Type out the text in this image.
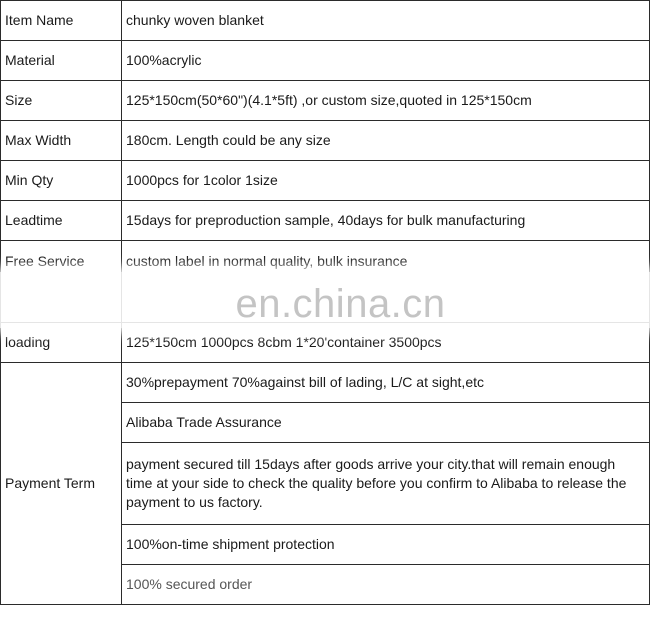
Item Name	chunky woven blanket
Material	100%acrylic
Size	125*150cm(50*60")(4.1*5ft) ,or custom size,quoted in 125*150cm
Max Width	180cm. Length could be any size
Min Qty	1000pcs for 1color 1size
Leadtime	15days for preproduction sample, 40days for bulk manufacturing
Free Service	custom label in normal quality, bulk insurance
loading	125*150cm 1000pcs 8cbm 1*20'container 3500pcs
Payment Term	30%prepayment 70%against bill of lading, L/C at sight,etc
	Alibaba Trade Assurance
	payment secured till 15days after goods arrive your city.that will remain enough time at your side to check the quality before you confirm to Alibaba to release the payment to us factory.
	100%on-time shipment protection
	100% secured order
en.china.cn
